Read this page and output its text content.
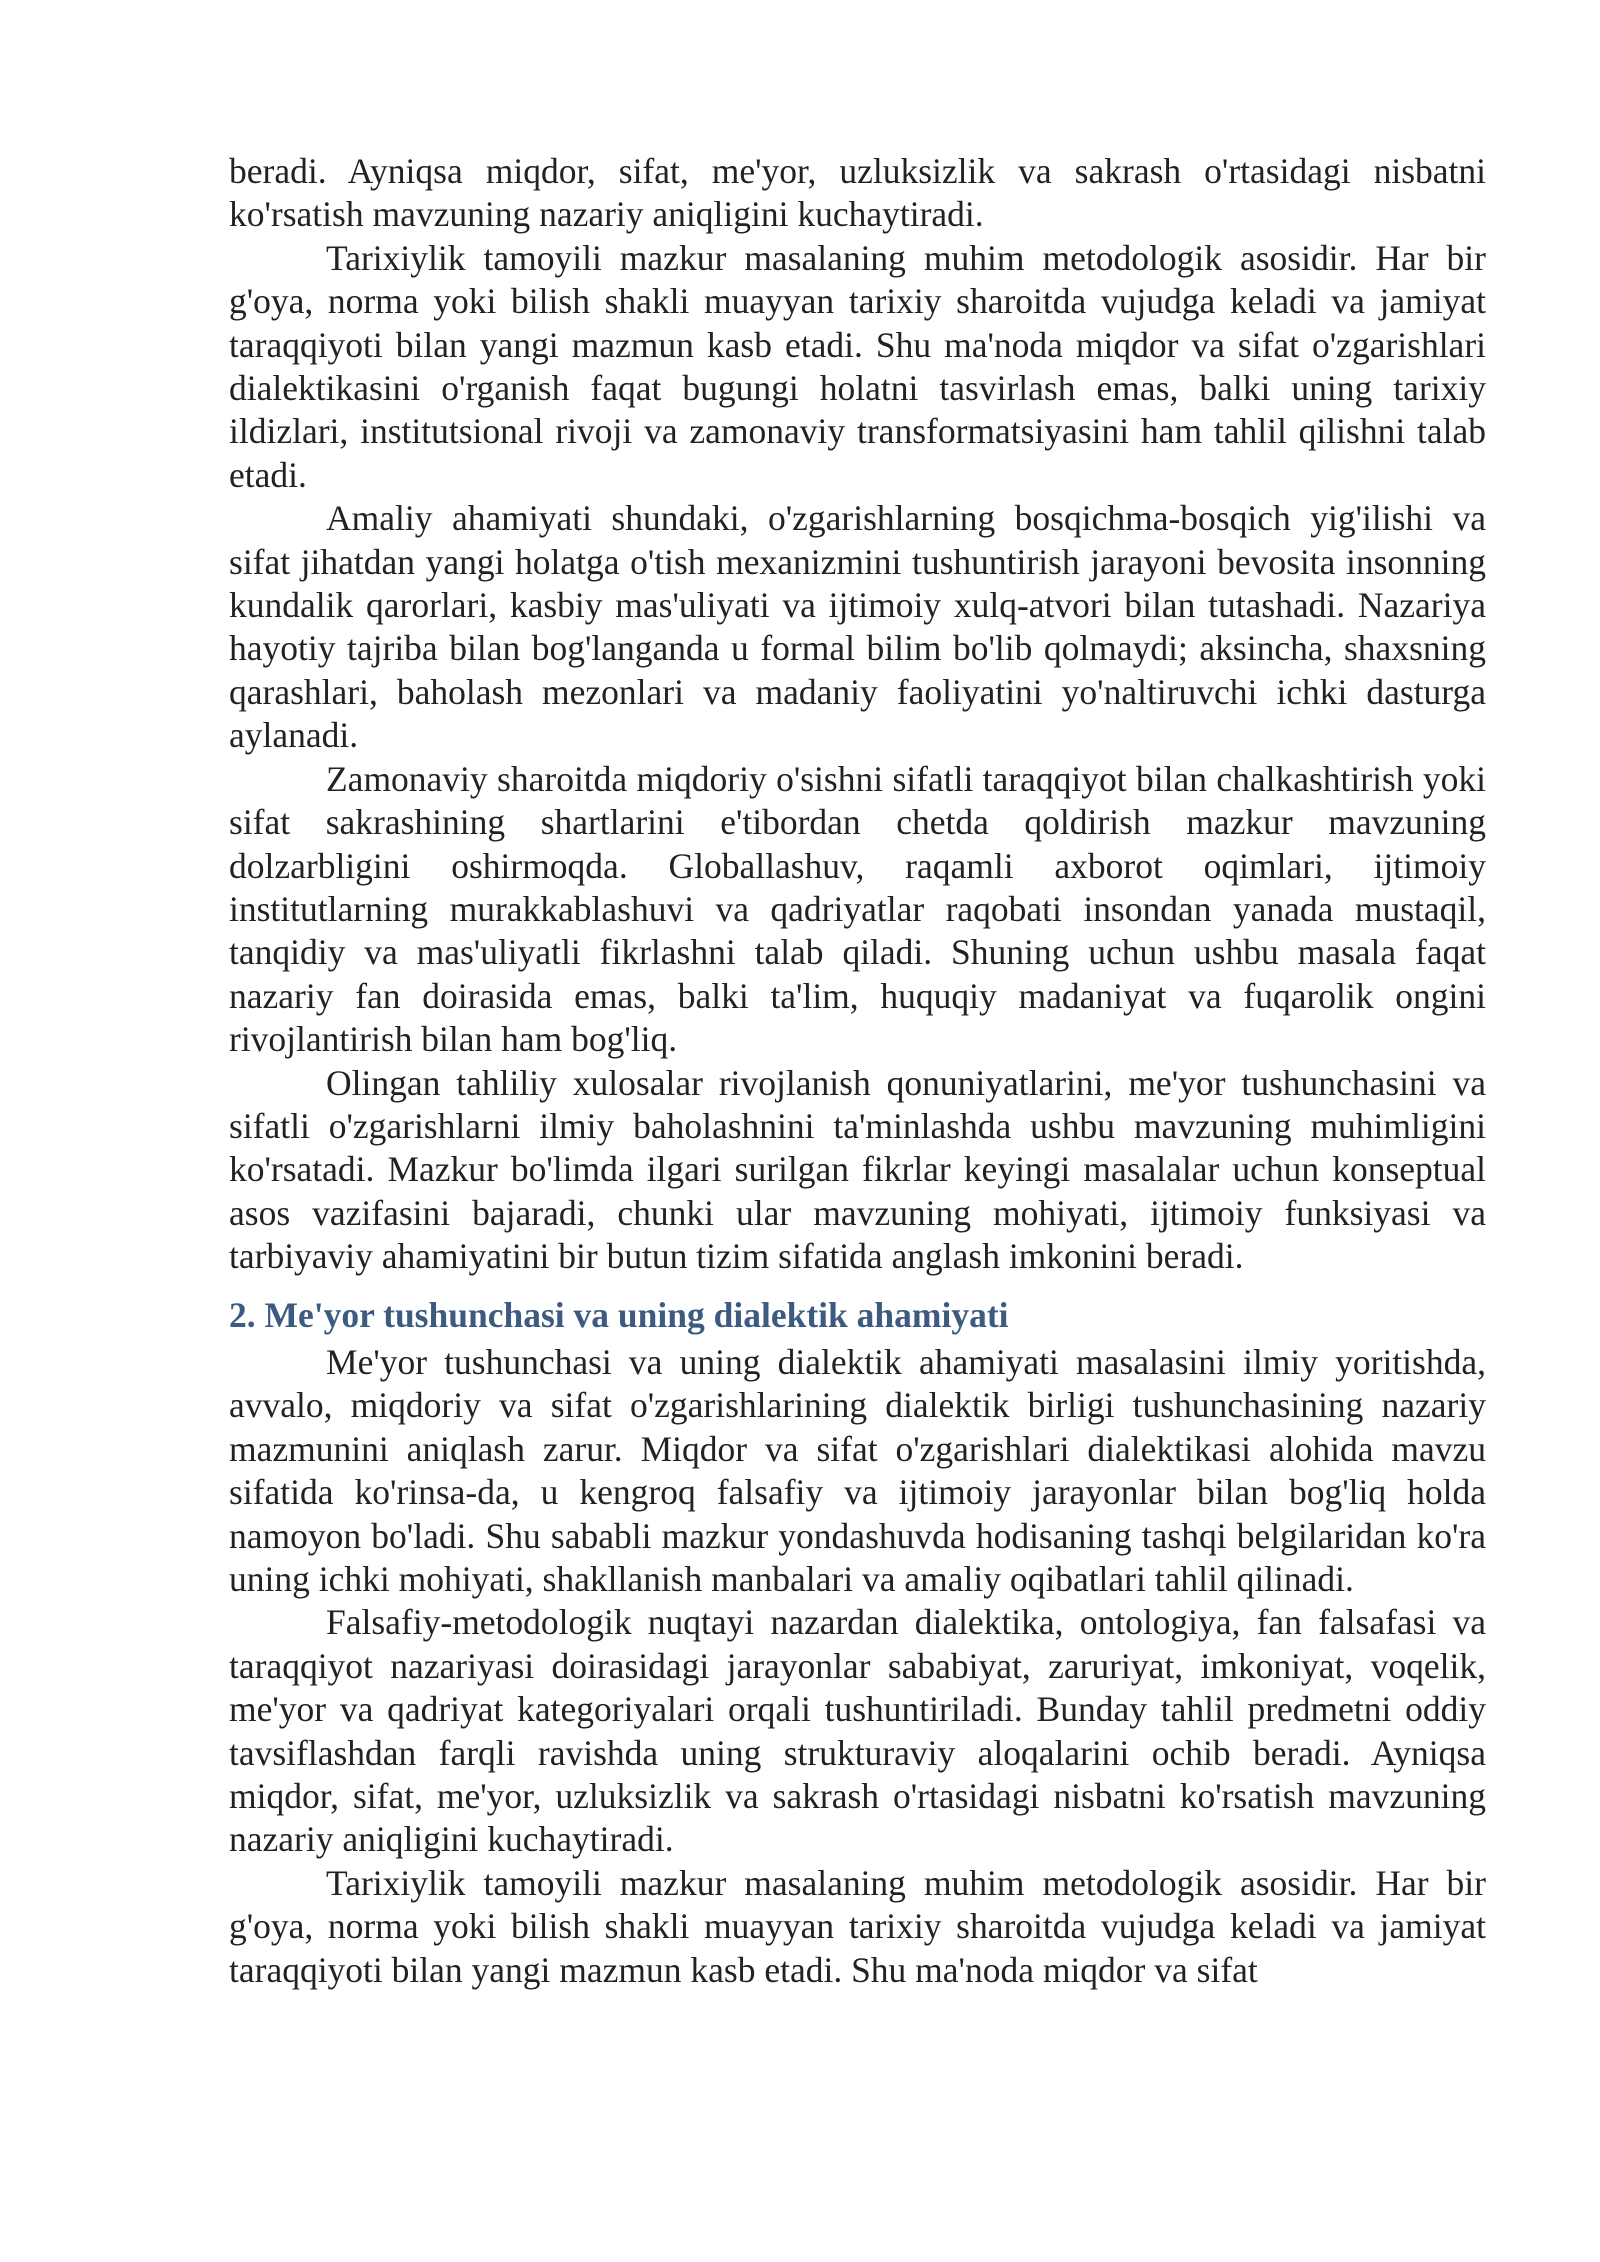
beradi. Ayniqsa miqdor, sifat, me'yor, uzluksizlik va sakrash o'rtasidagi nisbatni ko'rsatish mavzuning nazariy aniqligini kuchaytiradi.

Tarixiylik tamoyili mazkur masalaning muhim metodologik asosidir. Har bir g'oya, norma yoki bilish shakli muayyan tarixiy sharoitda vujudga keladi va jamiyat taraqqiyoti bilan yangi mazmun kasb etadi. Shu ma'noda miqdor va sifat o'zgarishlari dialektikasini o'rganish faqat bugungi holatni tasvirlash emas, balki uning tarixiy ildizlari, institutsional rivoji va zamonaviy transformatsiyasini ham tahlil qilishni talab etadi.

Amaliy ahamiyati shundaki, o'zgarishlarning bosqichma-bosqich yig'ilishi va sifat jihatdan yangi holatga o'tish mexanizmini tushuntirish jarayoni bevosita insonning kundalik qarorlari, kasbiy mas'uliyati va ijtimoiy xulq-atvori bilan tutashadi. Nazariya hayotiy tajriba bilan bog'langanda u formal bilim bo'lib qolmaydi; aksincha, shaxsning qarashlari, baholash mezonlari va madaniy faoliyatini yo'naltiruvchi ichki dasturga aylanadi.

Zamonaviy sharoitda miqdoriy o'sishni sifatli taraqqiyot bilan chalkashtirish yoki sifat sakrashining shartlarini e'tibordan chetda qoldirish mazkur mavzuning dolzarbligini oshirmoqda. Globallashuv, raqamli axborot oqimlari, ijtimoiy institutlarning murakkablashuvi va qadriyatlar raqobati insondan yanada mustaqil, tanqidiy va mas'uliyatli fikrlashni talab qiladi. Shuning uchun ushbu masala faqat nazariy fan doirasida emas, balki ta'lim, huquqiy madaniyat va fuqarolik ongini rivojlantirish bilan ham bog'liq.

Olingan tahliliy xulosalar rivojlanish qonuniyatlarini, me'yor tushunchasini va sifatli o'zgarishlarni ilmiy baholashnini ta'minlashda ushbu mavzuning muhimligini ko'rsatadi. Mazkur bo'limda ilgari surilgan fikrlar keyingi masalalar uchun konseptual asos vazifasini bajaradi, chunki ular mavzuning mohiyati, ijtimoiy funksiyasi va tarbiyaviy ahamiyatini bir butun tizim sifatida anglash imkonini beradi.

2. Me'yor tushunchasi va uning dialektik ahamiyati

Me'yor tushunchasi va uning dialektik ahamiyati masalasini ilmiy yoritishda, avvalo, miqdoriy va sifat o'zgarishlarining dialektik birligi tushunchasining nazariy mazmunini aniqlash zarur. Miqdor va sifat o'zgarishlari dialektikasi alohida mavzu sifatida ko'rinsa-da, u kengroq falsafiy va ijtimoiy jarayonlar bilan bog'liq holda namoyon bo'ladi. Shu sababli mazkur yondashuvda hodisaning tashqi belgilaridan ko'ra uning ichki mohiyati, shakllanish manbalari va amaliy oqibatlari tahlil qilinadi.

Falsafiy-metodologik nuqtayi nazardan dialektika, ontologiya, fan falsafasi va taraqqiyot nazariyasi doirasidagi jarayonlar sababiyat, zaruriyat, imkoniyat, voqelik, me'yor va qadriyat kategoriyalari orqali tushuntiriladi. Bunday tahlil predmetni oddiy tavsiflashdan farqli ravishda uning strukturaviy aloqalarini ochib beradi. Ayniqsa miqdor, sifat, me'yor, uzluksizlik va sakrash o'rtasidagi nisbatni ko'rsatish mavzuning nazariy aniqligini kuchaytiradi.

Tarixiylik tamoyili mazkur masalaning muhim metodologik asosidir. Har bir g'oya, norma yoki bilish shakli muayyan tarixiy sharoitda vujudga keladi va jamiyat taraqqiyoti bilan yangi mazmun kasb etadi. Shu ma'noda miqdor va sifat
